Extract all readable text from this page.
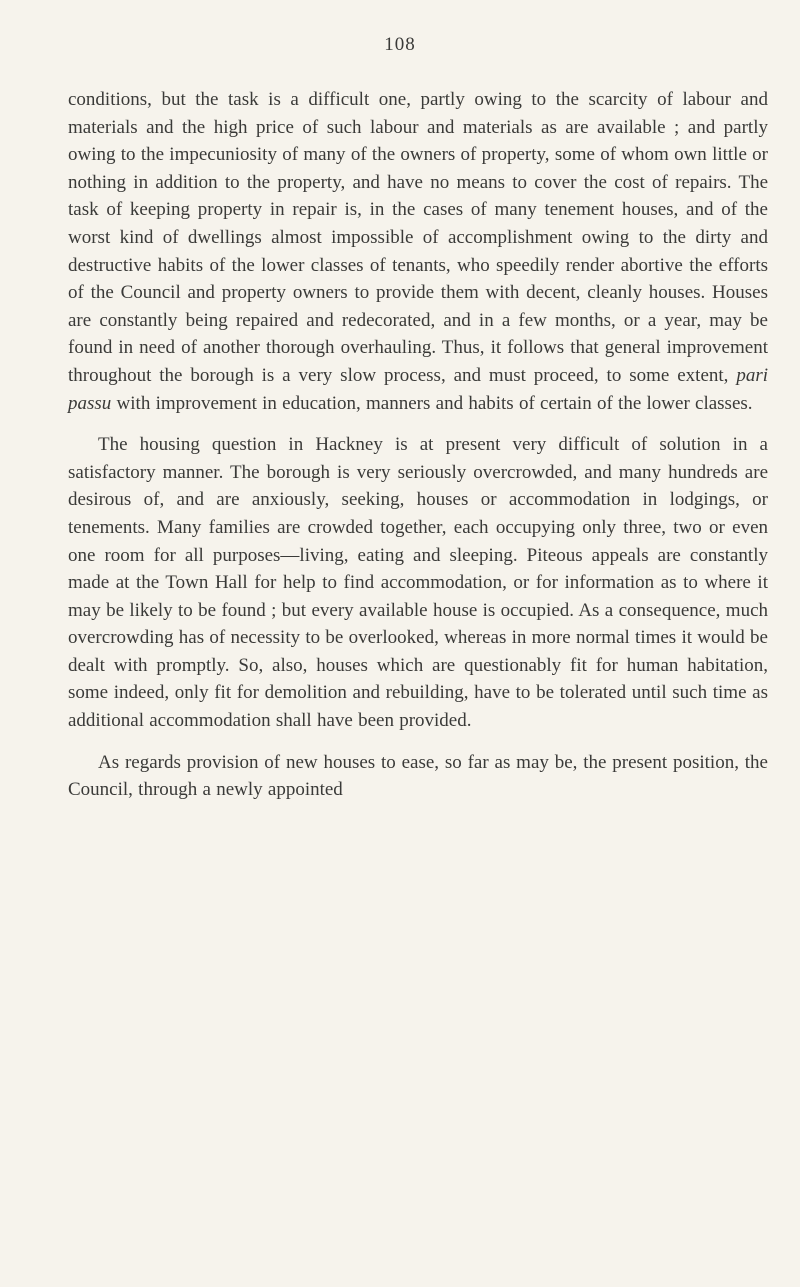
108

conditions, but the task is a difficult one, partly owing to the scarcity of labour and materials and the high price of such labour and materials as are available ; and partly owing to the impecuniosity of many of the owners of property, some of whom own little or nothing in addition to the property, and have no means to cover the cost of repairs. The task of keeping property in repair is, in the cases of many tenement houses, and of the worst kind of dwellings almost impossible of accomplishment owing to the dirty and destructive habits of the lower classes of tenants, who speedily render abortive the efforts of the Council and property owners to provide them with decent, cleanly houses. Houses are constantly being repaired and redecorated, and in a few months, or a year, may be found in need of another thorough overhauling. Thus, it follows that general improvement throughout the borough is a very slow process, and must proceed, to some extent, pari passu with improvement in education, manners and habits of certain of the lower classes.

The housing question in Hackney is at present very difficult of solution in a satisfactory manner. The borough is very seriously overcrowded, and many hundreds are desirous of, and are anxiously, seeking, houses or accommodation in lodgings, or tenements. Many families are crowded together, each occupying only three, two or even one room for all purposes—living, eating and sleeping. Piteous appeals are constantly made at the Town Hall for help to find accommodation, or for information as to where it may be likely to be found ; but every available house is occupied. As a consequence, much overcrowding has of necessity to be overlooked, whereas in more normal times it would be dealt with promptly. So, also, houses which are questionably fit for human habitation, some indeed, only fit for demolition and rebuilding, have to be tolerated until such time as additional accommodation shall have been provided.

As regards provision of new houses to ease, so far as may be, the present position, the Council, through a newly appointed
